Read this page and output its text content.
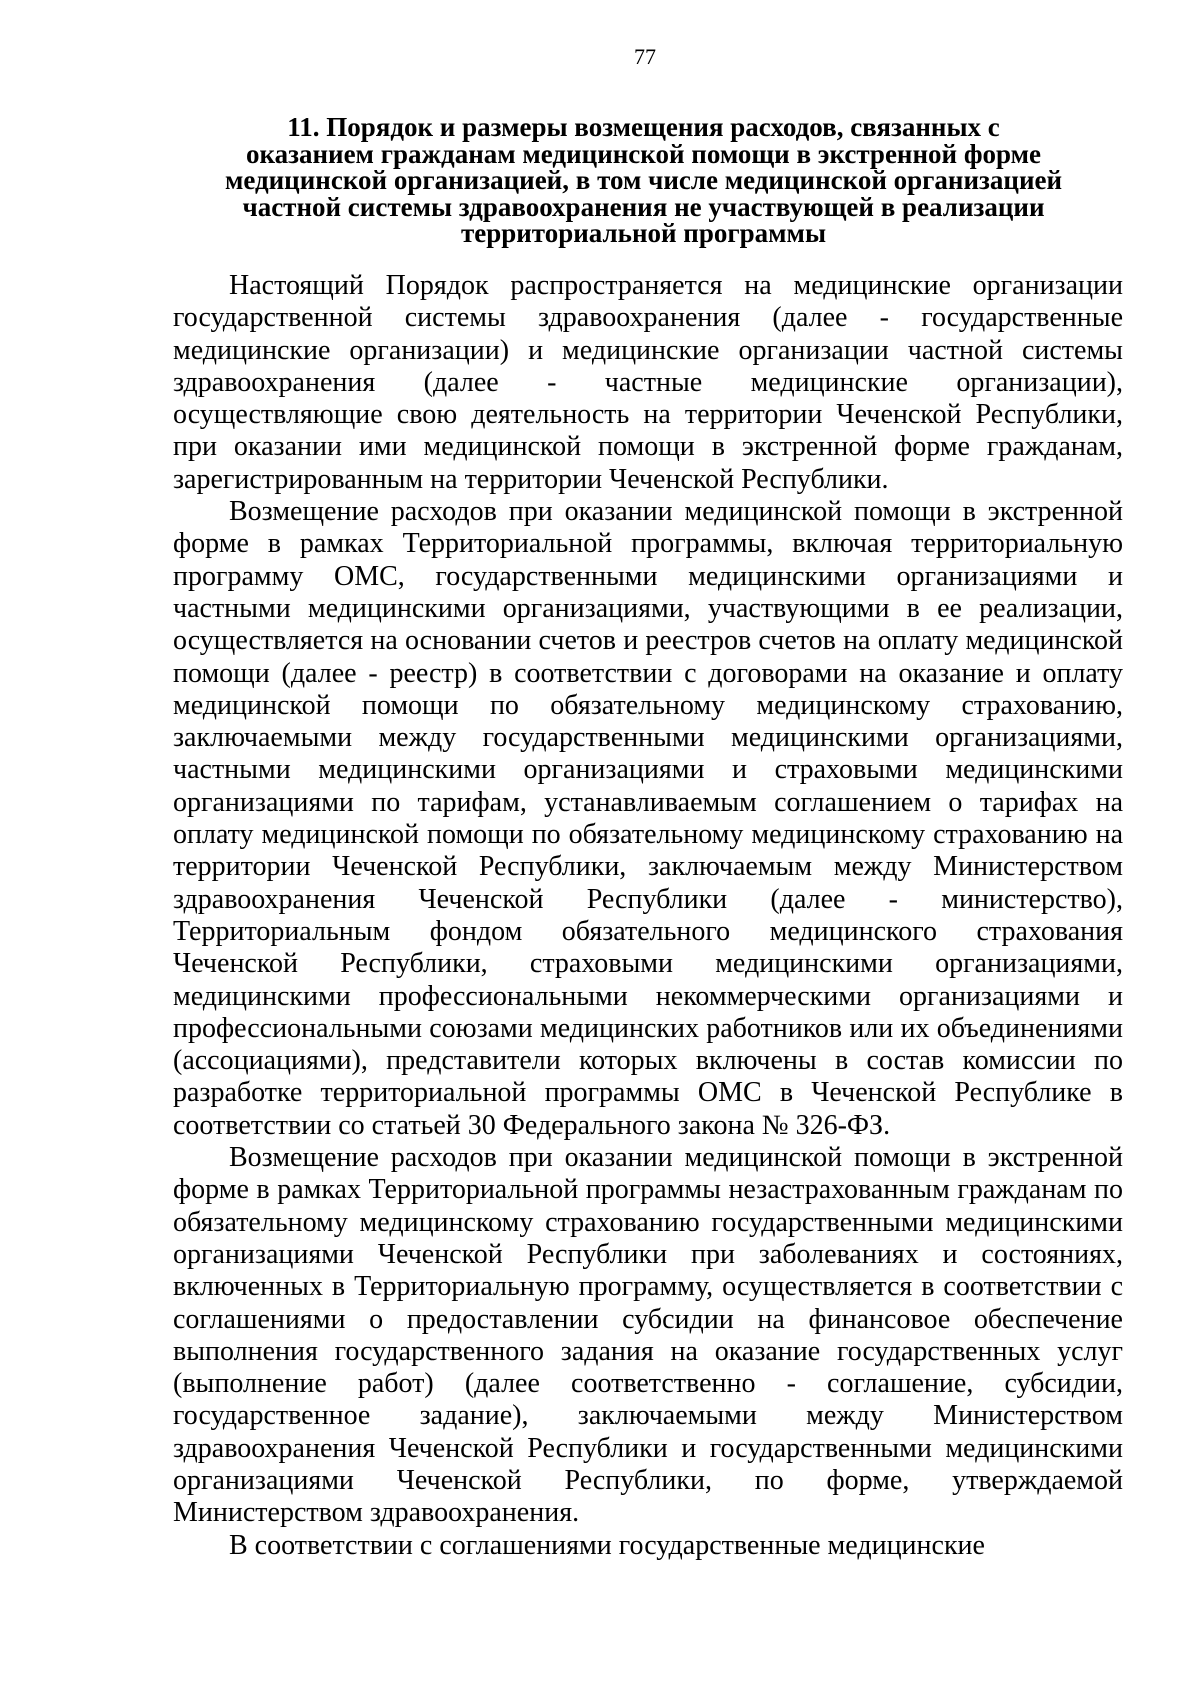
77
11. Порядок и размеры возмещения расходов, связанных с
оказанием гражданам медицинской помощи в экстренной форме
медицинской организацией, в том числе медицинской организацией
частной системы здравоохранения не участвующей в реализации
территориальной программы

Настоящий Порядок распространяется на медицинские организации государственной системы здравоохранения (далее - государственные медицинские организации) и медицинские организации частной системы здравоохранения (далее - частные медицинские организации), осуществляющие свою деятельность на территории Чеченской Республики, при оказании ими медицинской помощи в экстренной форме гражданам, зарегистрированным на территории Чеченской Республики.

Возмещение расходов при оказании медицинской помощи в экстренной форме в рамках Территориальной программы, включая территориальную программу ОМС, государственными медицинскими организациями и частными медицинскими организациями, участвующими в ее реализации, осуществляется на основании счетов и реестров счетов на оплату медицинской помощи (далее - реестр) в соответствии с договорами на оказание и оплату медицинской помощи по обязательному медицинскому страхованию, заключаемыми между государственными медицинскими организациями, частными медицинскими организациями и страховыми медицинскими организациями по тарифам, устанавливаемым соглашением о тарифах на оплату медицинской помощи по обязательному медицинскому страхованию на территории Чеченской Республики, заключаемым между Министерством здравоохранения Чеченской Республики (далее - министерство), Территориальным фондом обязательного медицинского страхования Чеченской Республики, страховыми медицинскими организациями, медицинскими профессиональными некоммерческими организациями и профессиональными союзами медицинских работников или их объединениями (ассоциациями), представители которых включены в состав комиссии по разработке территориальной программы ОМС в Чеченской Республике в соответствии со статьей 30 Федерального закона № 326-ФЗ.

Возмещение расходов при оказании медицинской помощи в экстренной форме в рамках Территориальной программы незастрахованным гражданам по обязательному медицинскому страхованию государственными медицинскими организациями Чеченской Республики при заболеваниях и состояниях, включенных в Территориальную программу, осуществляется в соответствии с соглашениями о предоставлении субсидии на финансовое обеспечение выполнения государственного задания на оказание государственных услуг (выполнение работ) (далее соответственно - соглашение, субсидии, государственное задание), заключаемыми между Министерством здравоохранения Чеченской Республики и государственными медицинскими организациями Чеченской Республики, по форме, утверждаемой Министерством здравоохранения.

В соответствии с соглашениями государственные медицинские
